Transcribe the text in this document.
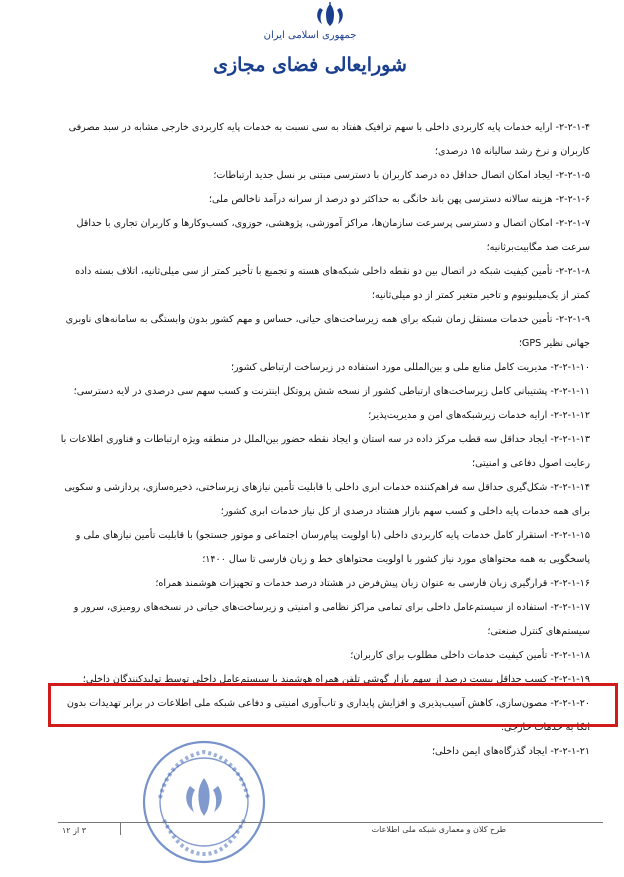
جمهوری اسلامی ایران
شورایعالی فضای مجازی

۲-۲-۱-۴- ارایه خدمات پایه کاربردی داخلی با سهم ترافیک هفتاد به سی نسبت به خدمات پایه کاربردی خارجی مشابه در سبد مصرفی کاربران و نرخ رشد سالیانه ۱۵ درصدی؛

۲-۲-۱-۵- ایجاد امکان اتصال حداقل ده درصد کاربران با دسترسی مبتنی بر نسل جدید ارتباطات؛

۲-۲-۱-۶- هزینه سالانه دسترسی پهن باند خانگی به حداکثر دو درصد از سرانه درآمد ناخالص ملی؛

۲-۲-۱-۷- امکان اتصال و دسترسی پرسرعت سازمان‌ها، مراکز آموزشی، پژوهشی، حوزوی، کسب‌وکارها و کاربران تجاری با حداقل سرعت صد مگابیت‌برثانیه؛

۲-۲-۱-۸- تأمین کیفیت شبکه در اتصال بین دو نقطه داخلی شبکه‌های هسته و تجمیع با تأخیر کمتر از سی میلی‌ثانیه، اتلاف بسته داده کمتر از یک‌میلیونیوم و تاخیر متغیر کمتر از دو میلی‌ثانیه؛

۲-۲-۱-۹- تأمین خدمات مستقل زمان شبکه برای همه زیرساخت‌های حیاتی، حساس و مهم کشور بدون وابستگی به سامانه‌های ناوبری جهانی نظیر GPS؛

۲-۲-۱-۱۰- مدیریت کامل منابع ملی و بین‌المللی مورد استفاده در زیرساخت ارتباطی کشور؛

۲-۲-۱-۱۱- پشتیبانی کامل زیرساخت‌های ارتباطی کشور از نسخه شش پروتکل اینترنت و کسب سهم سی درصدی در لایه دسترسی؛

۲-۲-۱-۱۲- ارایه خدمات زیرشبکه‌های امن و مدیریت‌پذیر؛

۲-۲-۱-۱۳- ایجاد حداقل سه قطب مرکز داده در سه استان و ایجاد نقطه حضور بین‌الملل در منطقه ویژه ارتباطات و فناوری اطلاعات با رعایت اصول دفاعی و امنیتی؛

۲-۲-۱-۱۴- شکل‌گیری حداقل سه فراهم‌کننده خدمات ابری داخلی با قابلیت تأمین نیازهای زیرساختی، ذخیره‌سازی، پردازشی و سکویی برای همه خدمات پایه داخلی و کسب سهم بازار هشتاد درصدی از کل نیاز خدمات ابری کشور؛

۲-۲-۱-۱۵- استقرار کامل خدمات پایه کاربردی داخلی (با اولویت پیام‌رسان اجتماعی و موتور جستجو) با قابلیت تأمین نیازهای ملی و پاسخگویی به همه محتواهای مورد نیاز کشور با اولویت محتواهای خط و زبان فارسی تا سال ۱۴۰۰؛

۲-۲-۱-۱۶- قرارگیری زبان فارسی به عنوان زبان پیش‌فرض در هشتاد درصد خدمات و تجهیزات هوشمند همراه؛

۲-۲-۱-۱۷- استفاده از سیستم‌عامل داخلی برای تمامی مراکز نظامی و امنیتی و زیرساخت‌های حیاتی در نسخه‌های رومیزی، سرور و سیستم‌های کنترل صنعتی؛

۲-۲-۱-۱۸- تأمین کیفیت خدمات داخلی مطلوب برای کاربران؛

۲-۲-۱-۱۹- کسب حداقل بیست درصد از سهم بازار گوشی تلفن همراه هوشمند با سیستم‌عامل داخلی توسط تولیدکنندگان داخلی؛

۲-۲-۱-۲۰- مصون‌سازی، کاهش آسیب‌پذیری و افزایش پایداری و تاب‌آوری امنیتی و دفاعی شبکه ملی اطلاعات در برابر تهدیدات بدون اتکا به خدمات خارجی؛

۲-۲-۱-۲۱- ایجاد گذرگاه‌های ایمن داخلی؛

۳ از ۱۲	طرح کلان و معماری شبکه ملی اطلاعات
